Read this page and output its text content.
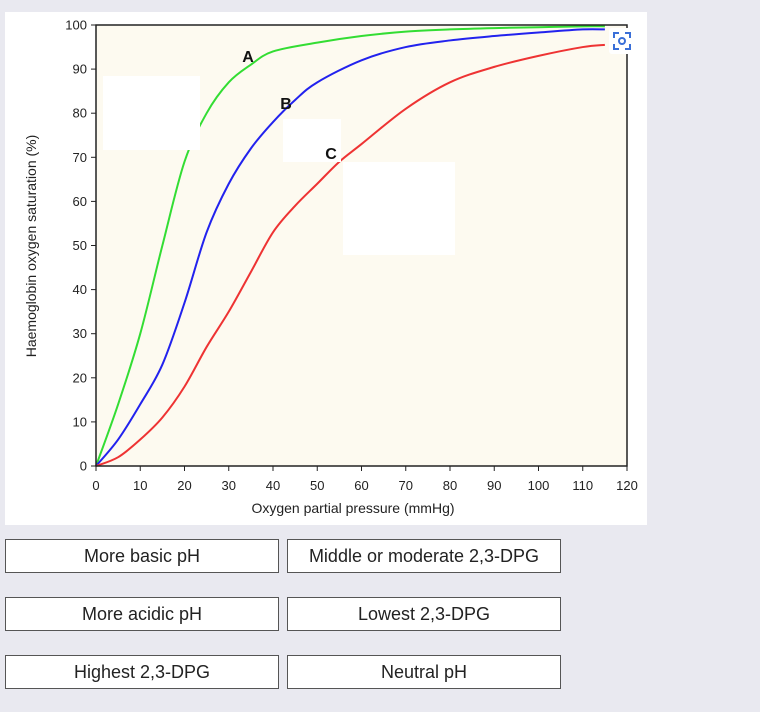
0	10 20 30 40 50 60 70 80 90 100 110 120
0
10
20
30
40
50
60
70
80
90
100
A
B
C
Oxygen partial pressure (mmHg)
Haemoglobin oxygen saturation (%)
More basic pH	Middle or moderate 2,3-DPG
More acidic pH	Lowest 2,3-DPG
Highest 2,3-DPG	Neutral pH
